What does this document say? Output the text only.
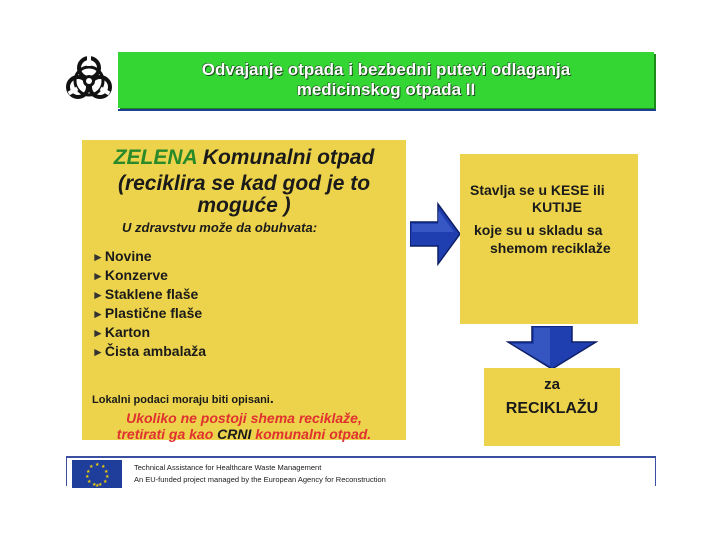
Odvajanje otpada i bezbedni putevi odlaganja
medicinskog otpada II
ZELENA Komunalni otpad
(reciklira se kad god je to
moguće )
U zdravstvu može da obuhvata:
►Novine
►Konzerve
►Staklene flaše
►Plastične flaše
►Karton
►Čista ambalaža
Lokalni podaci moraju biti opisani.
Ukoliko ne postoji shema reciklaže,
tretirati ga kao CRNI komunalni otpad.
Stavlja se u KESE ili
KUTIJE
koje su u skladu sa
shemom reciklaže
za
RECIKLAŽU
★ ★
★
★
★
★
★
★
★
★
★
★
Technical Assistance for Healthcare Waste Management
An EU-funded project managed by the European Agency for Reconstruction
